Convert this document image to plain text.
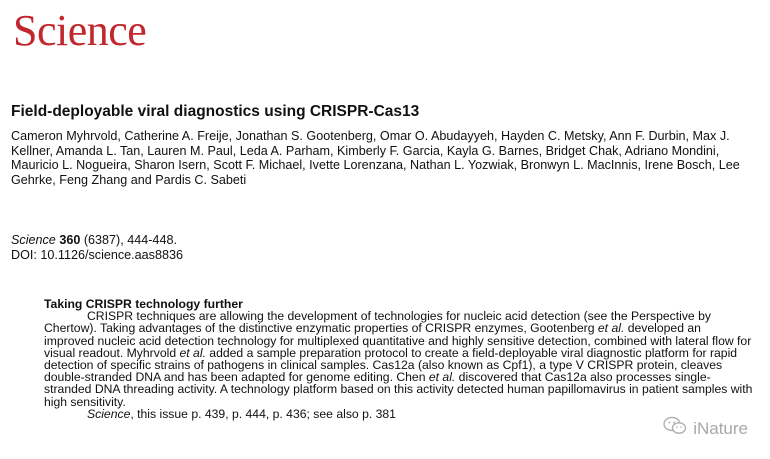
Science
Field-deployable viral diagnostics using CRISPR-Cas13
Cameron Myhrvold, Catherine A. Freije, Jonathan S. Gootenberg, Omar O. Abudayyeh, Hayden C. Metsky, Ann F. Durbin, Max J. Kellner, Amanda L. Tan, Lauren M. Paul, Leda A. Parham, Kimberly F. Garcia, Kayla G. Barnes, Bridget Chak, Adriano Mondini, Mauricio L. Nogueira, Sharon Isern, Scott F. Michael, Ivette Lorenzana, Nathan L. Yozwiak, Bronwyn L. MacInnis, Irene Bosch, Lee Gehrke, Feng Zhang and Pardis C. Sabeti
Science 360 (6387), 444-448.
DOI: 10.1126/science.aas8836
Taking CRISPR technology further

CRISPR techniques are allowing the development of technologies for nucleic acid detection (see the Perspective by Chertow). Taking advantages of the distinctive enzymatic properties of CRISPR enzymes, Gootenberg et al. developed an improved nucleic acid detection technology for multiplexed quantitative and highly sensitive detection, combined with lateral flow for visual readout. Myhrvold et al. added a sample preparation protocol to create a field-deployable viral diagnostic platform for rapid detection of specific strains of pathogens in clinical samples. Cas12a (also known as Cpf1), a type V CRISPR protein, cleaves double-stranded DNA and has been adapted for genome editing. Chen et al. discovered that Cas12a also processes single-stranded DNA threading activity. A technology platform based on this activity detected human papillomavirus in patient samples with high sensitivity.

Science, this issue p. 439, p. 444, p. 436; see also p. 381
iNature
